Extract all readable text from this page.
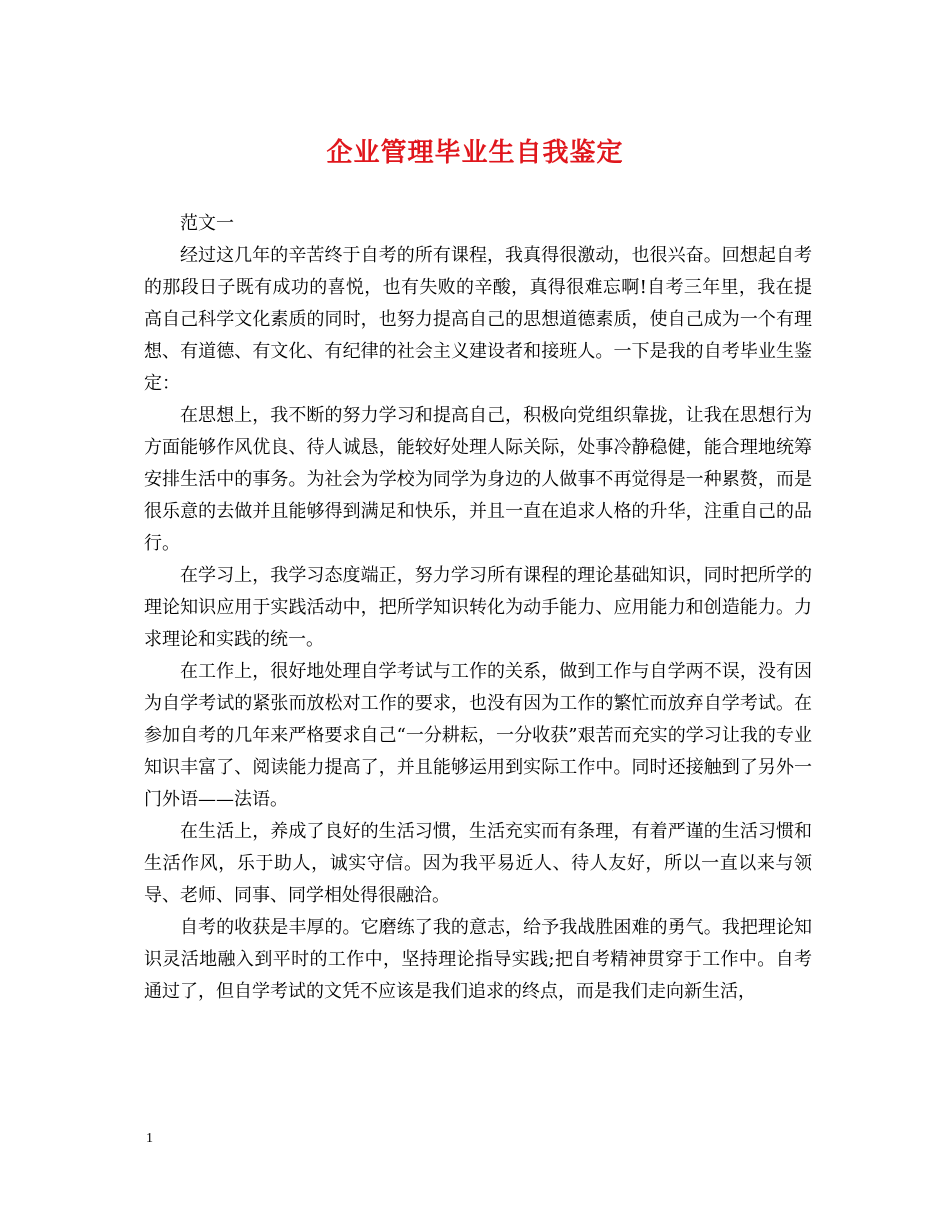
企业管理毕业生自我鉴定

范文一

经过这几年的辛苦终于自考的所有课程，我真得很激动，也很兴奋。回想起自考的那段日子既有成功的喜悦，也有失败的辛酸，真得很难忘啊!自考三年里，我在提高自己科学文化素质的同时，也努力提高自己的思想道德素质，使自己成为一个有理想、有道德、有文化、有纪律的社会主义建设者和接班人。一下是我的自考毕业生鉴定：

在思想上，我不断的努力学习和提高自己，积极向党组织靠拢，让我在思想行为方面能够作风优良、待人诚恳，能较好处理人际关际，处事冷静稳健，能合理地统筹安排生活中的事务。为社会为学校为同学为身边的人做事不再觉得是一种累赘，而是很乐意的去做并且能够得到满足和快乐，并且一直在追求人格的升华，注重自己的品行。

在学习上，我学习态度端正，努力学习所有课程的理论基础知识，同时把所学的理论知识应用于实践活动中，把所学知识转化为动手能力、应用能力和创造能力。力求理论和实践的统一。

在工作上，很好地处理自学考试与工作的关系，做到工作与自学两不误，没有因为自学考试的紧张而放松对工作的要求，也没有因为工作的繁忙而放弃自学考试。在参加自考的几年来严格要求自己“一分耕耘，一分收获”艰苦而充实的学习让我的专业知识丰富了、阅读能力提高了，并且能够运用到实际工作中。同时还接触到了另外一门外语——法语。

在生活上，养成了良好的生活习惯，生活充实而有条理，有着严谨的生活习惯和生活作风，乐于助人，诚实守信。因为我平易近人、待人友好，所以一直以来与领导、老师、同事、同学相处得很融洽。

自考的收获是丰厚的。它磨练了我的意志，给予我战胜困难的勇气。我把理论知识灵活地融入到平时的工作中，坚持理论指导实践;把自考精神贯穿于工作中。自考通过了，但自学考试的文凭不应该是我们追求的终点，而是我们走向新生活，

1
